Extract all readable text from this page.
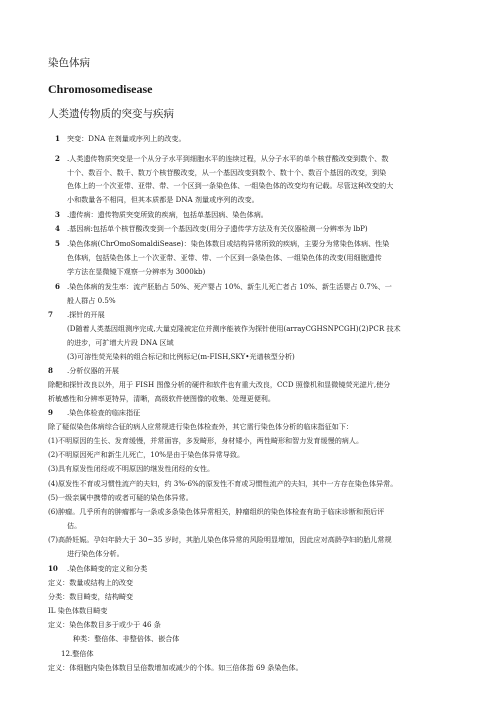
染色体病
Chromosomedisease
人类遗传物质的突变与疾病
1 突变：DNA 在剂量或序列上的改变。
2 .人类遗传物质突变是一个从分子水平到细胞水平的连续过程，从分子水平的单个核苷酸改变到数个、数
十个、数百个、数千、数万个核苷酸改变，从一个基因改变到数个、数十个、数百个基因的改变，到染
色体上的一个次亚带、亚带、带、一个区到一条染色体、一组染色体的改变均有记载。尽管这种改变的大
小和数量各不相同，但其本质都是 DNA 剂量或序列的改变。
3 .遗传病：遗传物质突变所致的疾病，包括单基因病、染色体病。
4 .基因病:包括单个核苷酸改变到一个基因改变(用分子遗传学方法及有关仪器检测一分辨率为 lbP)
5 .染色体病(ChrOmoSomaldiSease)：染色体数目或结构异常所致的疾病，主要分为常染色体病、性染
色体病，包括染色体上一个次亚带、亚带、带、一个区到一条染色体、一组染色体的改变(用细胞遗传
学方法在显微镜下观察一分辨率为 3000kb)
6 .染色体病的发生率：流产胚胎占 50%、死产婴占 10%、新生儿死亡者占 10%、新生活婴占 0.7%、一
般人群占 0.5%
7 .探针的开展
(D随着人类基因组测序完成,大量克隆被定位并测序能被作为探针使用(arrayCGHSNPCGH)(2)PCR 技术
的进步，可扩增大片段 DNA 区域
(3)可溶性荧光染料的组合标记和比例标记(m-FISH,SKY•光谱核型分析)
8 .分析仪器的开展
除靶和探针改良以外，用于 FISH 图像分析的硬件和软件也有重大改良，CCD 照像机和显微镜荧光滤片,使分
析敏感性和分辨率更特异，清晰，高级软件使图像的收集、处理更便利。
9 .染色体检查的临床指征
除了疑似染色体病综合征的病人应常规进行染色体检查外，其它需行染色体分析的临床指征如下：
(1)不明原因的生长、发育缓慢，并常面容，多发畸形，身材矮小，两性畸形和智力发育缓慢的病人。
(2)不明原因死产和新生儿死亡，10%是由于染色体异常导致。
(3)具有原发性闭经或不明原因的继发性闭经的女性。
(4)原发性不育或习惯性流产的夫妇，约 3%-6%的原发性不育或习惯性流产的夫妇，其中一方存在染色体异常。
(5)一级亲属中携带的或者可疑的染色体异常。
(6)肿瘤。几乎所有的肿瘤都与一条或多条染色体异常相关，肿瘤组织的染色体检查有助于临床诊断和预后评
估。
(7)高龄妊娠。孕妇年龄大于 30~35 岁时，其胎儿染色体异常的风险明显增加，因此应对高龄孕妇的胎儿常规
进行染色体分析。
10 .染色体畸变的定义和分类
定义：数量或结构上的改变
分类：数目畸变，结构畸变
IL 染色体数目畸变
定义：染色体数目多于或少于 46 条
种类：整倍体、非整倍体、嵌合体
12.整倍体
定义：体细胞内染色体数目呈倍数增加或减少的个体。如三倍体指 69 条染色体。
